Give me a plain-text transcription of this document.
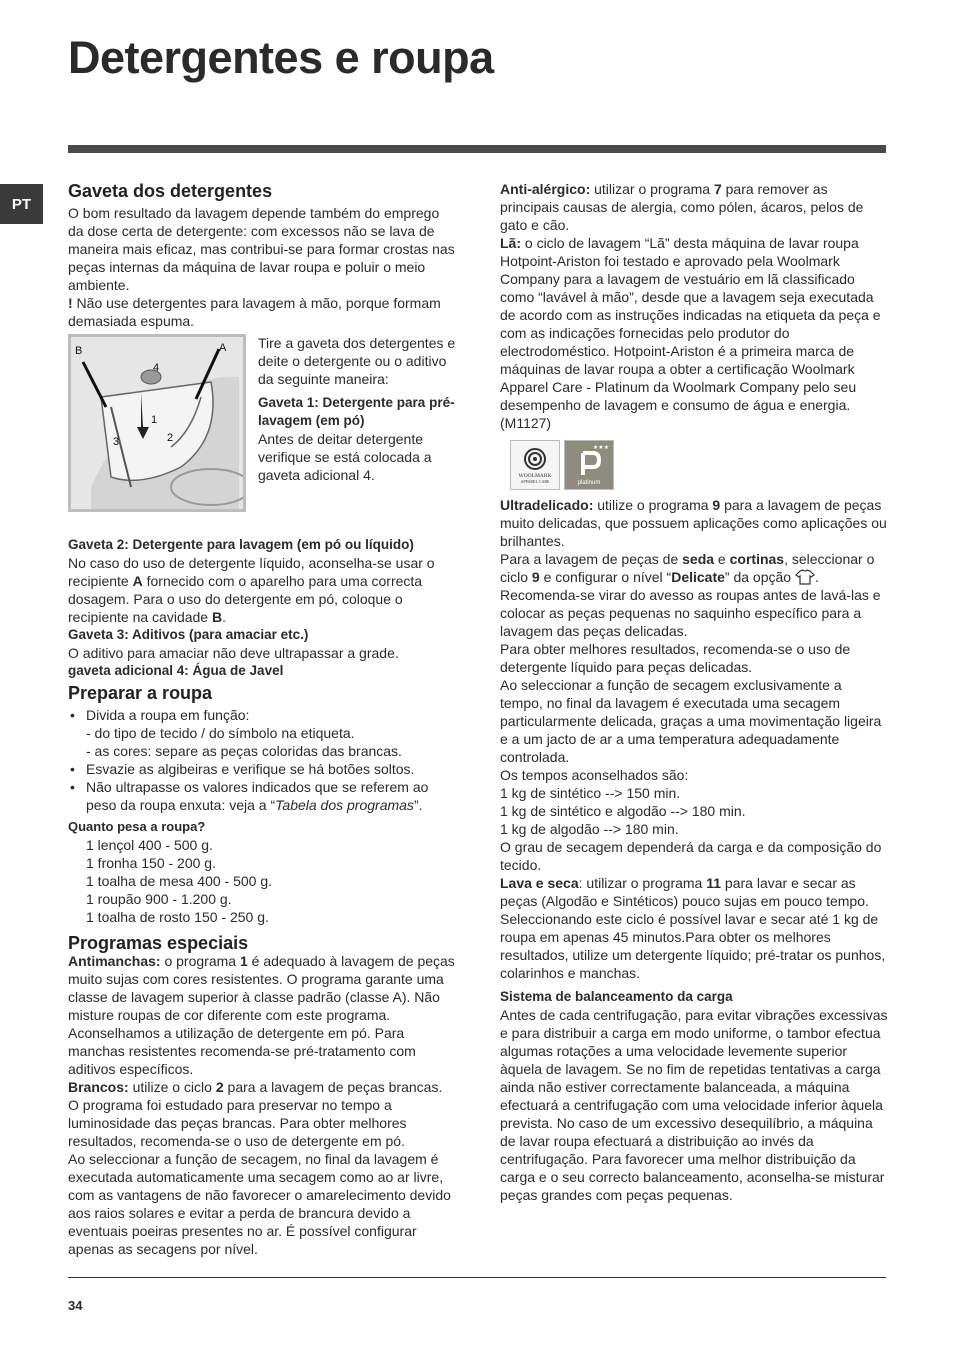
Detergentes e roupa
PT
Gaveta dos detergentes

O bom resultado da lavagem depende também do emprego da dose certa de detergente: com excessos não se lava de maneira mais eficaz, mas contribui-se para formar crostas nas peças internas da máquina de lavar roupa e poluir o meio ambiente.

! Não use detergentes para lavagem à mão, porque formam demasiada espuma.

B	A
1
2
3
4

Tire a gaveta dos detergentes e deite o detergente ou o aditivo da seguinte maneira:

Gaveta 1: Detergente para pré-lavagem (em pó)

Antes de deitar detergente verifique se está colocada a gaveta adicional 4.

Gaveta 2: Detergente para lavagem (em pó ou líquido)

No caso do uso de detergente líquido, aconselha-se usar o recipiente A fornecido com o aparelho para uma correcta dosagem. Para o uso do detergente em pó, coloque o recipiente na cavidade B.

Gaveta 3: Aditivos (para amaciar etc.)

O aditivo para amaciar não deve ultrapassar a grade.

gaveta adicional 4: Água de Javel

Preparar a roupa
• Divida a roupa em função:
- do tipo de tecido / do símbolo na etiqueta.
- as cores: separe as peças coloridas das brancas.
• Esvazie as algibeiras e verifique se há botões soltos.
• Não ultrapasse os valores indicados que se referem ao peso da roupa enxuta: veja a “Tabela dos programas”.

Quanto pesa a roupa?

1 lençol 400 - 500 g.

1 fronha 150 - 200 g.

1 toalha de mesa 400 - 500 g.

1 roupão 900 - 1.200 g.

1 toalha de rosto 150 - 250 g.

Programas especiais

Antimanchas: o programa 1 é adequado à lavagem de peças muito sujas com cores resistentes. O programa garante uma classe de lavagem superior à classe padrão (classe A). Não misture roupas de cor diferente com este programa. Aconselhamos a utilização de detergente em pó. Para manchas resistentes recomenda-se pré-tratamento com aditivos específicos.

Brancos: utilize o ciclo 2 para a lavagem de peças brancas. O programa foi estudado para preservar no tempo a luminosidade das peças brancas. Para obter melhores resultados, recomenda-se o uso de detergente em pó.

Ao seleccionar a função de secagem, no final da lavagem é executada automaticamente uma secagem como ao ar livre, com as vantagens de não favorecer o amarelecimento devido aos raios solares e evitar a perda de brancura devido a eventuais poeiras presentes no ar. É possível configurar apenas as secagens por nível.

Anti-alérgico: utilizar o programa 7 para remover as principais causas de alergia, como pólen, ácaros, pelos de gato e cão.

Lã: o ciclo de lavagem “Lã” desta máquina de lavar roupa Hotpoint-Ariston foi testado e aprovado pela Woolmark Company para a lavagem de vestuário em lã classificado como “lavável à mão”, desde que a lavagem seja executada de acordo com as instruções indicadas na etiqueta da peça e com as indicações fornecidas pelo produtor do electrodoméstico. Hotpoint-Ariston é a primeira marca de máquinas de lavar roupa a obter a certificação Woolmark Apparel Care - Platinum da Woolmark Company pelo seu desempenho de lavagem e consumo de água e energia. (M1127)

WOOLMARK
APPAREL CARE
★★★
platinum

Ultradelicado: utilize o programa 9 para a lavagem de peças muito delicadas, que possuem aplicações como aplicações ou brilhantes.

Para a lavagem de peças de seda e cortinas, seleccionar o ciclo 9 e configurar o nível “Delicate” da opção . Recomenda-se virar do avesso as roupas antes de lavá-las e colocar as peças pequenas no saquinho específico para a lavagem das peças delicadas.

Para obter melhores resultados, recomenda-se o uso de detergente líquido para peças delicadas.

Ao seleccionar a função de secagem exclusivamente a tempo, no final da lavagem é executada uma secagem particularmente delicada, graças a uma movimentação ligeira e a um jacto de ar a uma temperatura adequadamente controlada.

Os tempos aconselhados são:

1 kg de sintético --> 150 min.

1 kg de sintético e algodão --> 180 min.

1 kg de algodão --> 180 min.

O grau de secagem dependerá da carga e da composição do tecido.

Lava e seca: utilizar o programa 11 para lavar e secar as peças (Algodão e Sintéticos) pouco sujas em pouco tempo. Seleccionando este ciclo é possível lavar e secar até 1 kg de roupa em apenas 45 minutos.Para obter os melhores resultados, utilize um detergente líquido; pré-tratar os punhos, colarinhos e manchas.

Sistema de balanceamento da carga

Antes de cada centrifugação, para evitar vibrações excessivas e para distribuir a carga em modo uniforme, o tambor efectua algumas rotações a uma velocidade levemente superior àquela de lavagem. Se no fim de repetidas tentativas a carga ainda não estiver correctamente balanceada, a máquina efectuará a centrifugação com uma velocidade inferior àquela prevista. No caso de um excessivo desequilíbrio, a máquina de lavar roupa efectuará a distribuição ao invés da centrifugação. Para favorecer uma melhor distribuição da carga e o seu correcto balanceamento, aconselha-se misturar peças grandes com peças pequenas.

34
